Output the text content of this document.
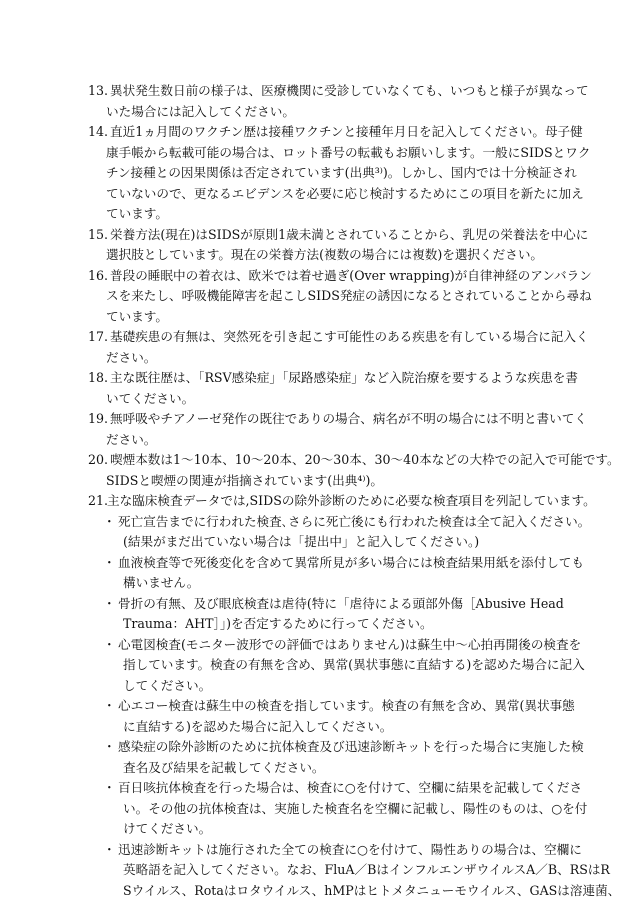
13. 異状発生数日前の様子は、医療機関に受診していなくても、いつもと様子が異なって
いた場合には記入してください。
14. 直近1ヵ月間のワクチン歴は接種ワクチンと接種年月日を記入してください。母子健
康手帳から転載可能の場合は、ロット番号の転載もお願いします。一般にSIDSとワク
チン接種との因果関係は否定されています(出典³⁾)。しかし、国内では十分検証され
ていないので、更なるエビデンスを必要に応じ検討するためにこの項目を新たに加え
ています。
15. 栄養方法(現在)はSIDSが原則1歳未満とされていることから、乳児の栄養法を中心に
選択肢としています。現在の栄養方法(複数の場合には複数)を選択ください。
16. 普段の睡眠中の着衣は、欧米では着せ過ぎ(Over wrapping)が自律神経のアンバラン
スを来たし、呼吸機能障害を起こしSIDS発症の誘因になるとされていることから尋ね
ています。
17. 基礎疾患の有無は、突然死を引き起こす可能性のある疾患を有している場合に記入く
ださい。
18. 主な既往歴は、「RSV感染症」「尿路感染症」など入院治療を要するような疾患を書
いてください。
19. 無呼吸やチアノーゼ発作の既往でありの場合、病名が不明の場合には不明と書いてく
ださい。
20. 喫煙本数は1～10本、10～20本、20～30本、30～40本などの大枠での記入で可能です。
SIDSと喫煙の関連が指摘されています(出典⁴⁾)。
21.
主な臨床検査データでは,SIDSの除外診断のために必要な検査項目を列記しています。
・ 死亡宣告までに行われた検査､さらに死亡後にも行われた検査は全て記入ください。
(結果がまだ出ていない場合は「提出中」と記入してください。)
・ 血液検査等で死後変化を含めて異常所見が多い場合には検査結果用紙を添付しても
構いません。
・ 骨折の有無、及び眼底検査は虐待(特に「虐待による頭部外傷［Abusive Head
Trauma：AHT］」)を否定するために行ってください。
・ 心電図検査(モニター波形での評価ではありません)は蘇生中～心拍再開後の検査を
指しています。検査の有無を含め、異常(異状事態に直結する)を認めた場合に記入
してください。
・ 心エコー検査は蘇生中の検査を指しています。検査の有無を含め、異常(異状事態
に直結する)を認めた場合に記入してください。
・ 感染症の除外診断のために抗体検査及び迅速診断キットを行った場合に実施した検
査名及び結果を記載してください。
・ 百日咳抗体検査を行った場合は、検査に○を付けて、空欄に結果を記載してくださ
い。その他の抗体検査は、実施した検査名を空欄に記載し、陽性のものは、○を付
けてください。
・ 迅速診断キットは施行された全ての検査に○を付けて、陽性ありの場合は、空欄に
英略語を記入してください。なお、FluA／BはインフルエンザウイルスA／B、RSはR
Sウイルス、Rotaはロタウイルス、hMPはヒトメタニューモウイルス、GASは溶連菌、
